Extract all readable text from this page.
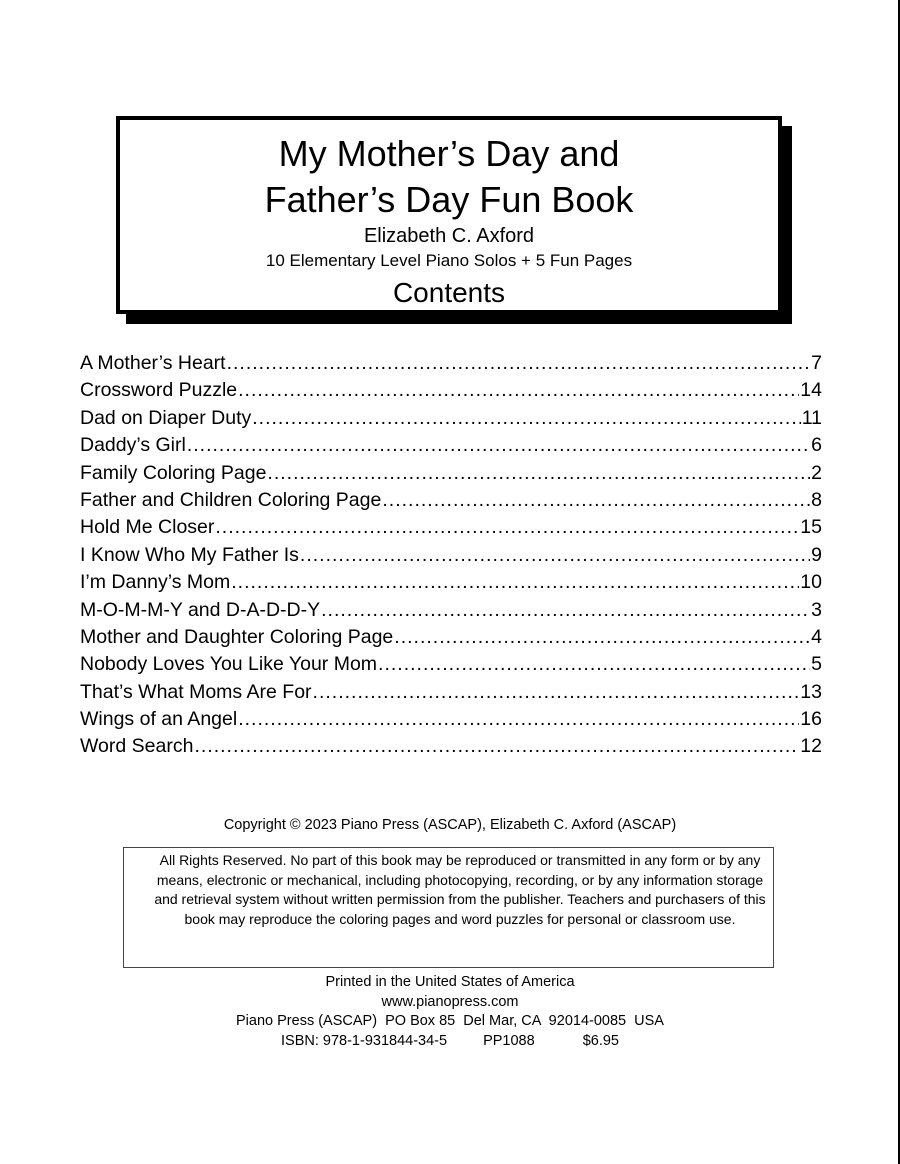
My Mother’s Day and
Father’s Day Fun Book
Elizabeth C. Axford
10 Elementary Level Piano Solos + 5 Fun Pages
Contents
A Mother’s Heart .....	7
Crossword Puzzle .....	14
Dad on Diaper Duty .....	11
Daddy’s Girl .....	6
Family Coloring Page .....	2
Father and Children Coloring Page .....	8
Hold Me Closer .....	15
I Know Who My Father Is .....	9
I’m Danny’s Mom .....	10
M-O-M-M-Y and D-A-D-D-Y .....	3
Mother and Daughter Coloring Page .....	4
Nobody Loves You Like Your Mom .....	5
That’s What Moms Are For .....	13
Wings of an Angel .....	16
Word Search .....	12
Copyright © 2023 Piano Press (ASCAP), Elizabeth C. Axford (ASCAP)

All Rights Reserved. No part of this book may be reproduced or transmitted in any form or by any means, electronic or mechanical, including photocopying, recording, or by any information storage and retrieval system without written permission from the publisher. Teachers and purchasers of this book may reproduce the coloring pages and word puzzles for personal or classroom use.

Printed in the United States of America
www.pianopress.com
Piano Press (ASCAP)  PO Box 85  Del Mar, CA  92014-0085  USA
ISBN: 978-1-931844-34-5 PP1088	$6.95
